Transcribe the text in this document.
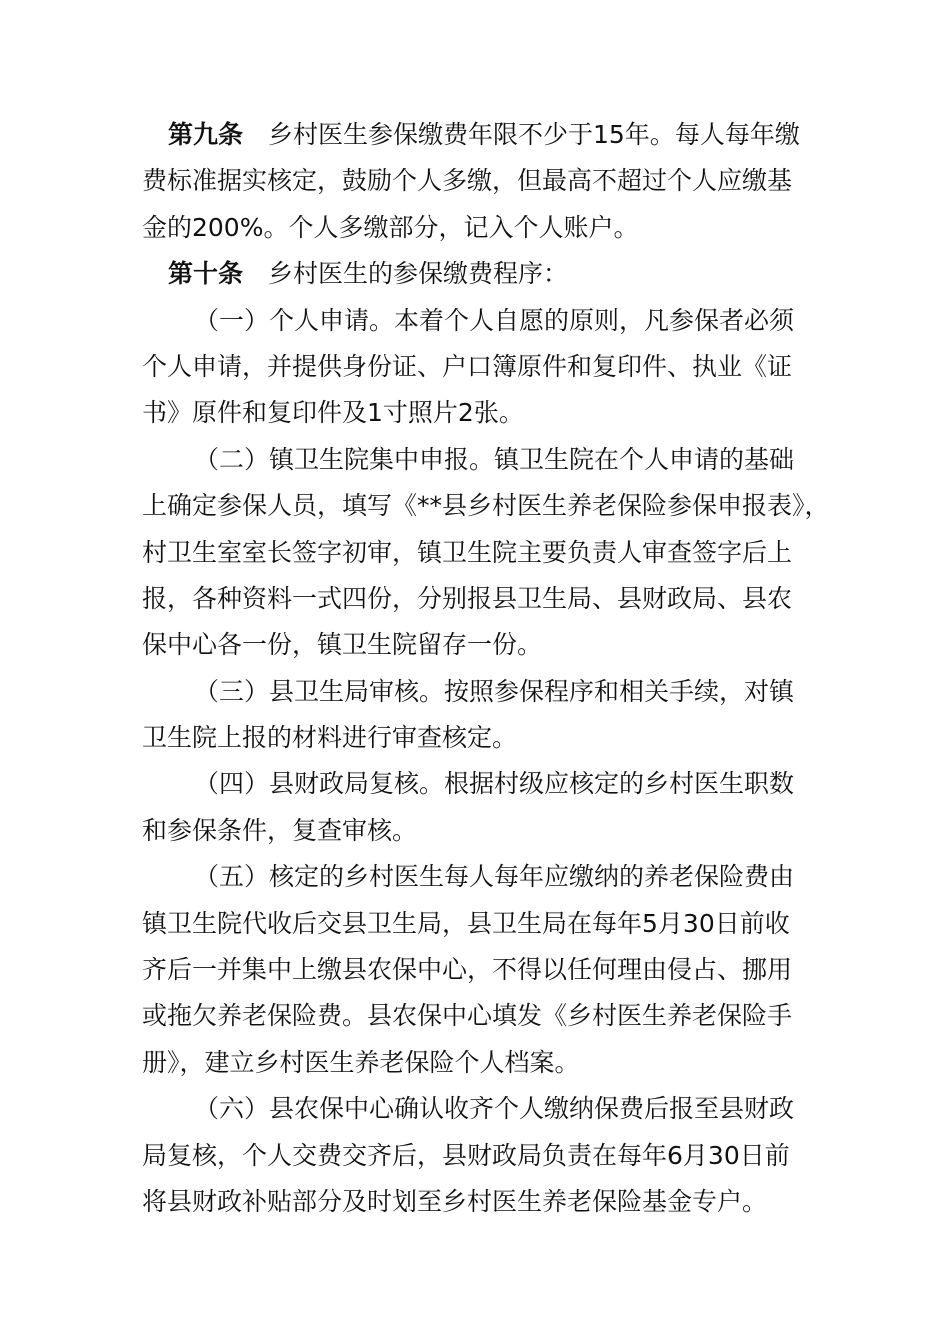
第九条 乡村医生参保缴费年限不少于15年。每人每年缴
费标准据实核定，鼓励个人多缴，但最高不超过个人应缴基
金的200%。个人多缴部分，记入个人账户。
第十条 乡村医生的参保缴费程序：
（一）个人申请。本着个人自愿的原则，凡参保者必须
个人申请，并提供身份证、户口簿原件和复印件、执业《证
书》原件和复印件及1寸照片2张。
（二）镇卫生院集中申报。镇卫生院在个人申请的基础
上确定参保人员，填写《**县乡村医生养老保险参保申报表》，
村卫生室室长签字初审，镇卫生院主要负责人审查签字后上
报，各种资料一式四份，分别报县卫生局、县财政局、县农
保中心各一份，镇卫生院留存一份。
（三）县卫生局审核。按照参保程序和相关手续，对镇
卫生院上报的材料进行审查核定。
（四）县财政局复核。根据村级应核定的乡村医生职数
和参保条件，复查审核。
（五）核定的乡村医生每人每年应缴纳的养老保险费由
镇卫生院代收后交县卫生局，县卫生局在每年5月30日前收
齐后一并集中上缴县农保中心，不得以任何理由侵占、挪用
或拖欠养老保险费。县农保中心填发《乡村医生养老保险手
册》，建立乡村医生养老保险个人档案。
（六）县农保中心确认收齐个人缴纳保费后报至县财政
局复核，个人交费交齐后，县财政局负责在每年6月30日前
将县财政补贴部分及时划至乡村医生养老保险基金专户。
